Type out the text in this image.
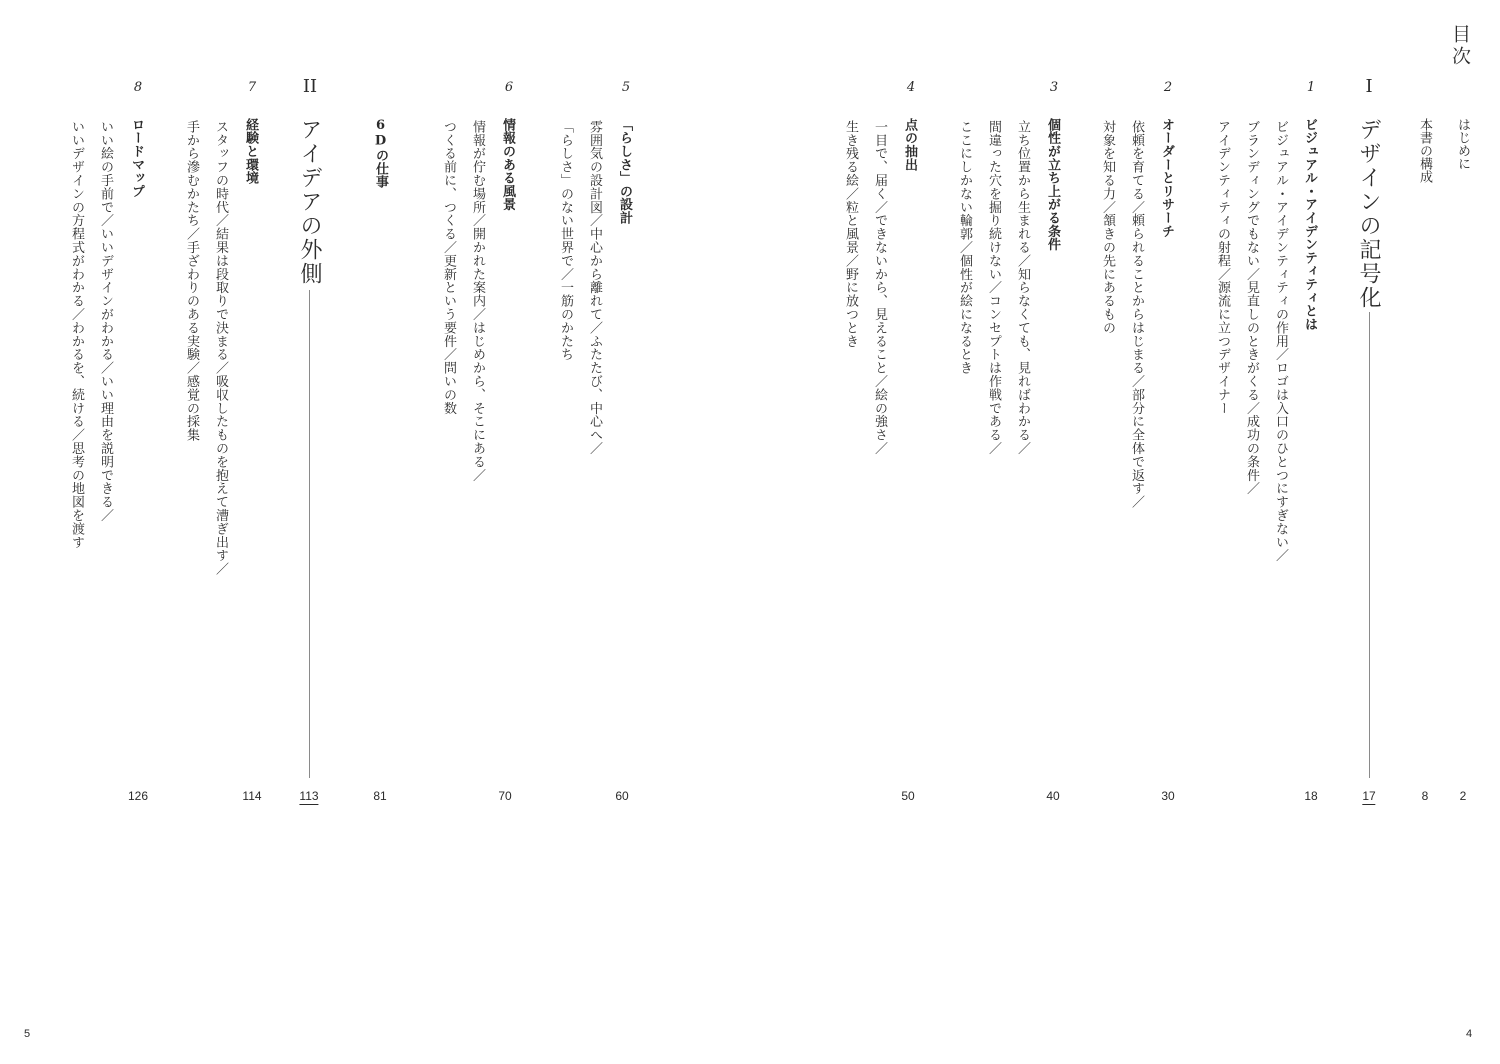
目次
はじめに
2
本書の構成
8
I
デザインの記号化
17
1
ビジュアル・アイデンティティとは
ビジュアル・アイデンティティの作用／ロゴは入口のひとつにすぎない／
ブランディングでもない／見直しのときがくる／成功の条件／
アイデンティティの射程／源流に立つデザイナー
18
2
オーダーとリサーチ
依頼を育てる／頼られることからはじまる／部分に全体で返す／
対象を知る力／頷きの先にあるもの
30
3
個性が立ち上がる条件
立ち位置から生まれる／知らなくても、見ればわかる／
間違った穴を掘り続けない／コンセプトは作戦である／
ここにしかない輪郭／個性が絵になるとき
40
4
点の抽出
一目で、届く／できないから、見えること／絵の強さ／
生き残る絵／粒と風景／野に放つとき
50
5
「らしさ」の設計
雰囲気の設計図／中心から離れて／ふたたび、中心へ／
「らしさ」のない世界で／一筋のかたち
60
6
情報のある風景
情報が佇む場所／開かれた案内／はじめから、そこにある／
つくる前に、つくる／更新という要件／問いの数
70
6Dの仕事
81
II
アイデアの外側
113
7
経験と環境
スタッフの時代／結果は段取りで決まる／吸収したものを抱えて漕ぎ出す／
手から滲むかたち／手ざわりのある実験／感覚の採集
114
8
ロードマップ
いい絵の手前で／いいデザインがわかる／いい理由を説明できる／
いいデザインの方程式がわかる／わかるを、続ける／思考の地図を渡す
126
5	4
